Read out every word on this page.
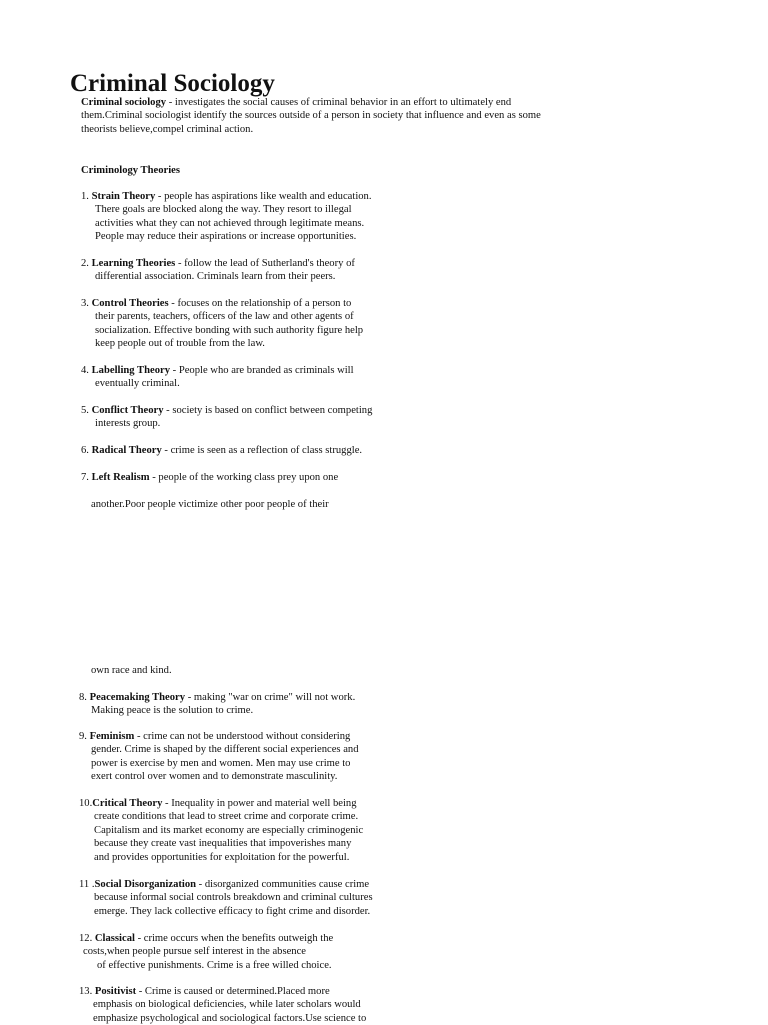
Criminal Sociology
Criminal sociology - investigates the social causes of criminal behavior in an effort to ultimately end
them.Criminal sociologist identify the sources outside of a person in society that influence and even as some
theorists believe,compel criminal action.
Criminology Theories
1. Strain Theory - people has aspirations like wealth and education.
There goals are blocked along the way. They resort to illegal
activities what they can not achieved through legitimate means.
People may reduce their aspirations or increase opportunities.
2. Learning Theories - follow the lead of Sutherland's theory of
differential association. Criminals learn from their peers.
3. Control Theories - focuses on the relationship of a person to
their parents, teachers, officers of the law and other agents of
socialization. Effective bonding with such authority figure help
keep people out of trouble from the law.
4. Labelling Theory - People who are branded as criminals will
eventually criminal.
5. Conflict Theory - society is based on conflict between competing
interests group.
6. Radical Theory - crime is seen as a reflection of class struggle.
7. Left Realism - people of the working class prey upon one
another.Poor people victimize other poor people of their
own race and kind.
8. Peacemaking Theory - making "war on crime" will not work.
Making peace is the solution to crime.
9. Feminism - crime can not be understood without considering
gender. Crime is shaped by the different social experiences and
power is exercise by men and women. Men may use crime to
exert control over women and to demonstrate masculinity.
10.Critical Theory - Inequality in power and material well being
create conditions that lead to street crime and corporate crime.
Capitalism and its market economy are especially criminogenic
because they create vast inequalities that impoverishes many
and provides opportunities for exploitation for the powerful.
11 .Social Disorganization - disorganized communities cause crime
because informal social controls breakdown and criminal cultures
emerge. They lack collective efficacy to fight crime and disorder.
12. Classical - crime occurs when the benefits outweigh the
costs,when people pursue self interest in the absence
of effective punishments. Crime is a free willed choice.
13. Positivist - Crime is caused or determined.Placed more
emphasis on biological deficiencies, while later scholars would
emphasize psychological and sociological factors.Use science to
